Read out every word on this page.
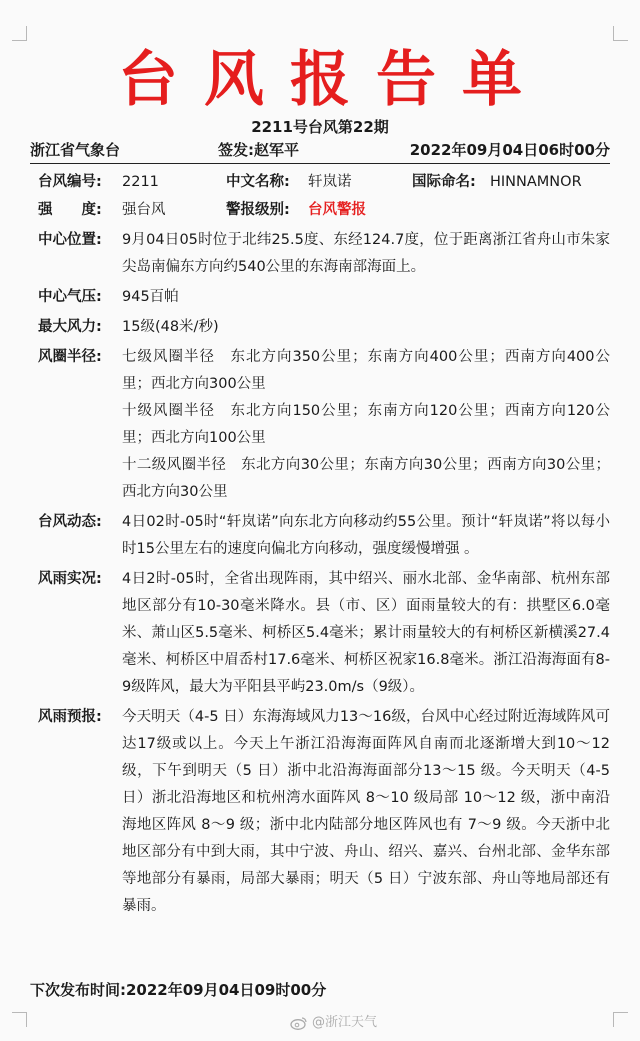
台风报告单
2211号台风第22期
浙江省气象台	签发:赵军平	2022年09月04日06时00分
台风编号: 2211	中文名称: 轩岚诺	国际命名: HINNAMNOR
强　　度: 强台风	警报级别: 台风警报
中心位置:	9月04日05时位于北纬25.5度、东经124.7度，位于距离浙江省舟山市朱家尖岛南偏东方向约540公里的东海南部海面上。
中心气压:	945百帕
最大风力:	15级(48米/秒)
风圈半径:	七级风圈半径　东北方向350公里；东南方向400公里；西南方向400公里；西北方向300公里
十级风圈半径　东北方向150公里；东南方向120公里；西南方向120公里；西北方向100公里
十二级风圈半径　东北方向30公里；东南方向30公里；西南方向30公里；西北方向30公里
台风动态:	4日02时-05时“轩岚诺”向东北方向移动约55公里。预计“轩岚诺”将以每小时15公里左右的速度向偏北方向移动，强度缓慢增强 。
风雨实况:	4日2时-05时，全省出现阵雨，其中绍兴、丽水北部、金华南部、杭州东部地区部分有10-30毫米降水。县（市、区）面雨量较大的有：拱墅区6.0毫米、萧山区5.5毫米、柯桥区5.4毫米；累计雨量较大的有柯桥区新横溪27.4毫米、柯桥区中眉岙村17.6毫米、柯桥区祝家16.8毫米。浙江沿海海面有8-9级阵风，最大为平阳县平屿23.0m/s（9级）。
风雨预报:	今天明天（4-5 日）东海海域风力13～16级，台风中心经过附近海域阵风可达17级或以上。今天上午浙江沿海海面阵风自南而北逐渐增大到10～12级，下午到明天（5 日）浙中北沿海海面部分13～15 级。今天明天（4-5 日）浙北沿海地区和杭州湾水面阵风 8～10 级局部 10～12 级，浙中南沿海地区阵风 8～9 级；浙中北内陆部分地区阵风也有 7～9 级。今天浙中北地区部分有中到大雨，其中宁波、舟山、绍兴、嘉兴、台州北部、金华东部等地部分有暴雨，局部大暴雨；明天（5 日）宁波东部、舟山等地局部还有暴雨。
下次发布时间:2022年09月04日09时00分
@浙江天气
